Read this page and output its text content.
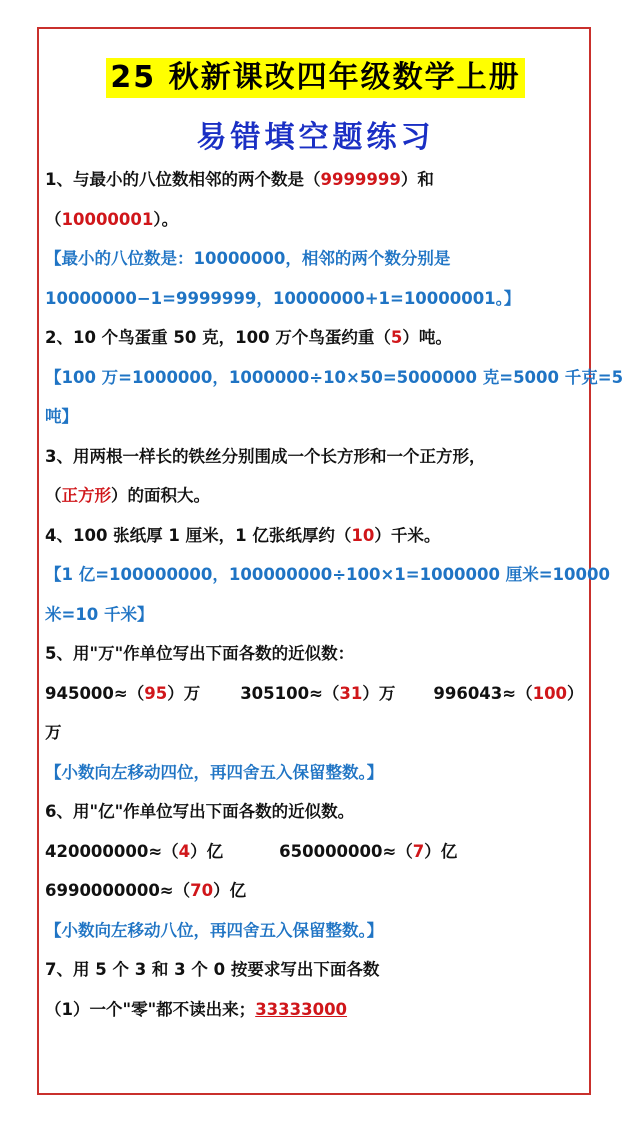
25 秋新课改四年级数学上册
易错填空题练习
1、与最小的八位数相邻的两个数是（9999999）和
（10000001）。
【最小的八位数是：10000000，相邻的两个数分别是
10000000−1=9999999，10000000+1=10000001。】
2、10 个鸟蛋重 50 克，100 万个鸟蛋约重（5）吨。
【100 万=1000000，1000000÷10×50=5000000 克=5000 千克=5
吨】
3、用两根一样长的铁丝分别围成一个长方形和一个正方形，
（正方形）的面积大。
4、100 张纸厚 1 厘米，1 亿张纸厚约（10）千米。
【1 亿=100000000，100000000÷100×1=1000000 厘米=10000
米=10 千米】
5、用"万"作单位写出下面各数的近似数：
945000≈（95）万 305100≈（31）万 996043≈（100）
万
【小数向左移动四位，再四舍五入保留整数。】
6、用"亿"作单位写出下面各数的近似数。
420000000≈（4）亿	650000000≈（7）亿
6990000000≈（70）亿
【小数向左移动八位，再四舍五入保留整数。】
7、用 5 个 3 和 3 个 0 按要求写出下面各数
（1）一个"零"都不读出来；33333000
